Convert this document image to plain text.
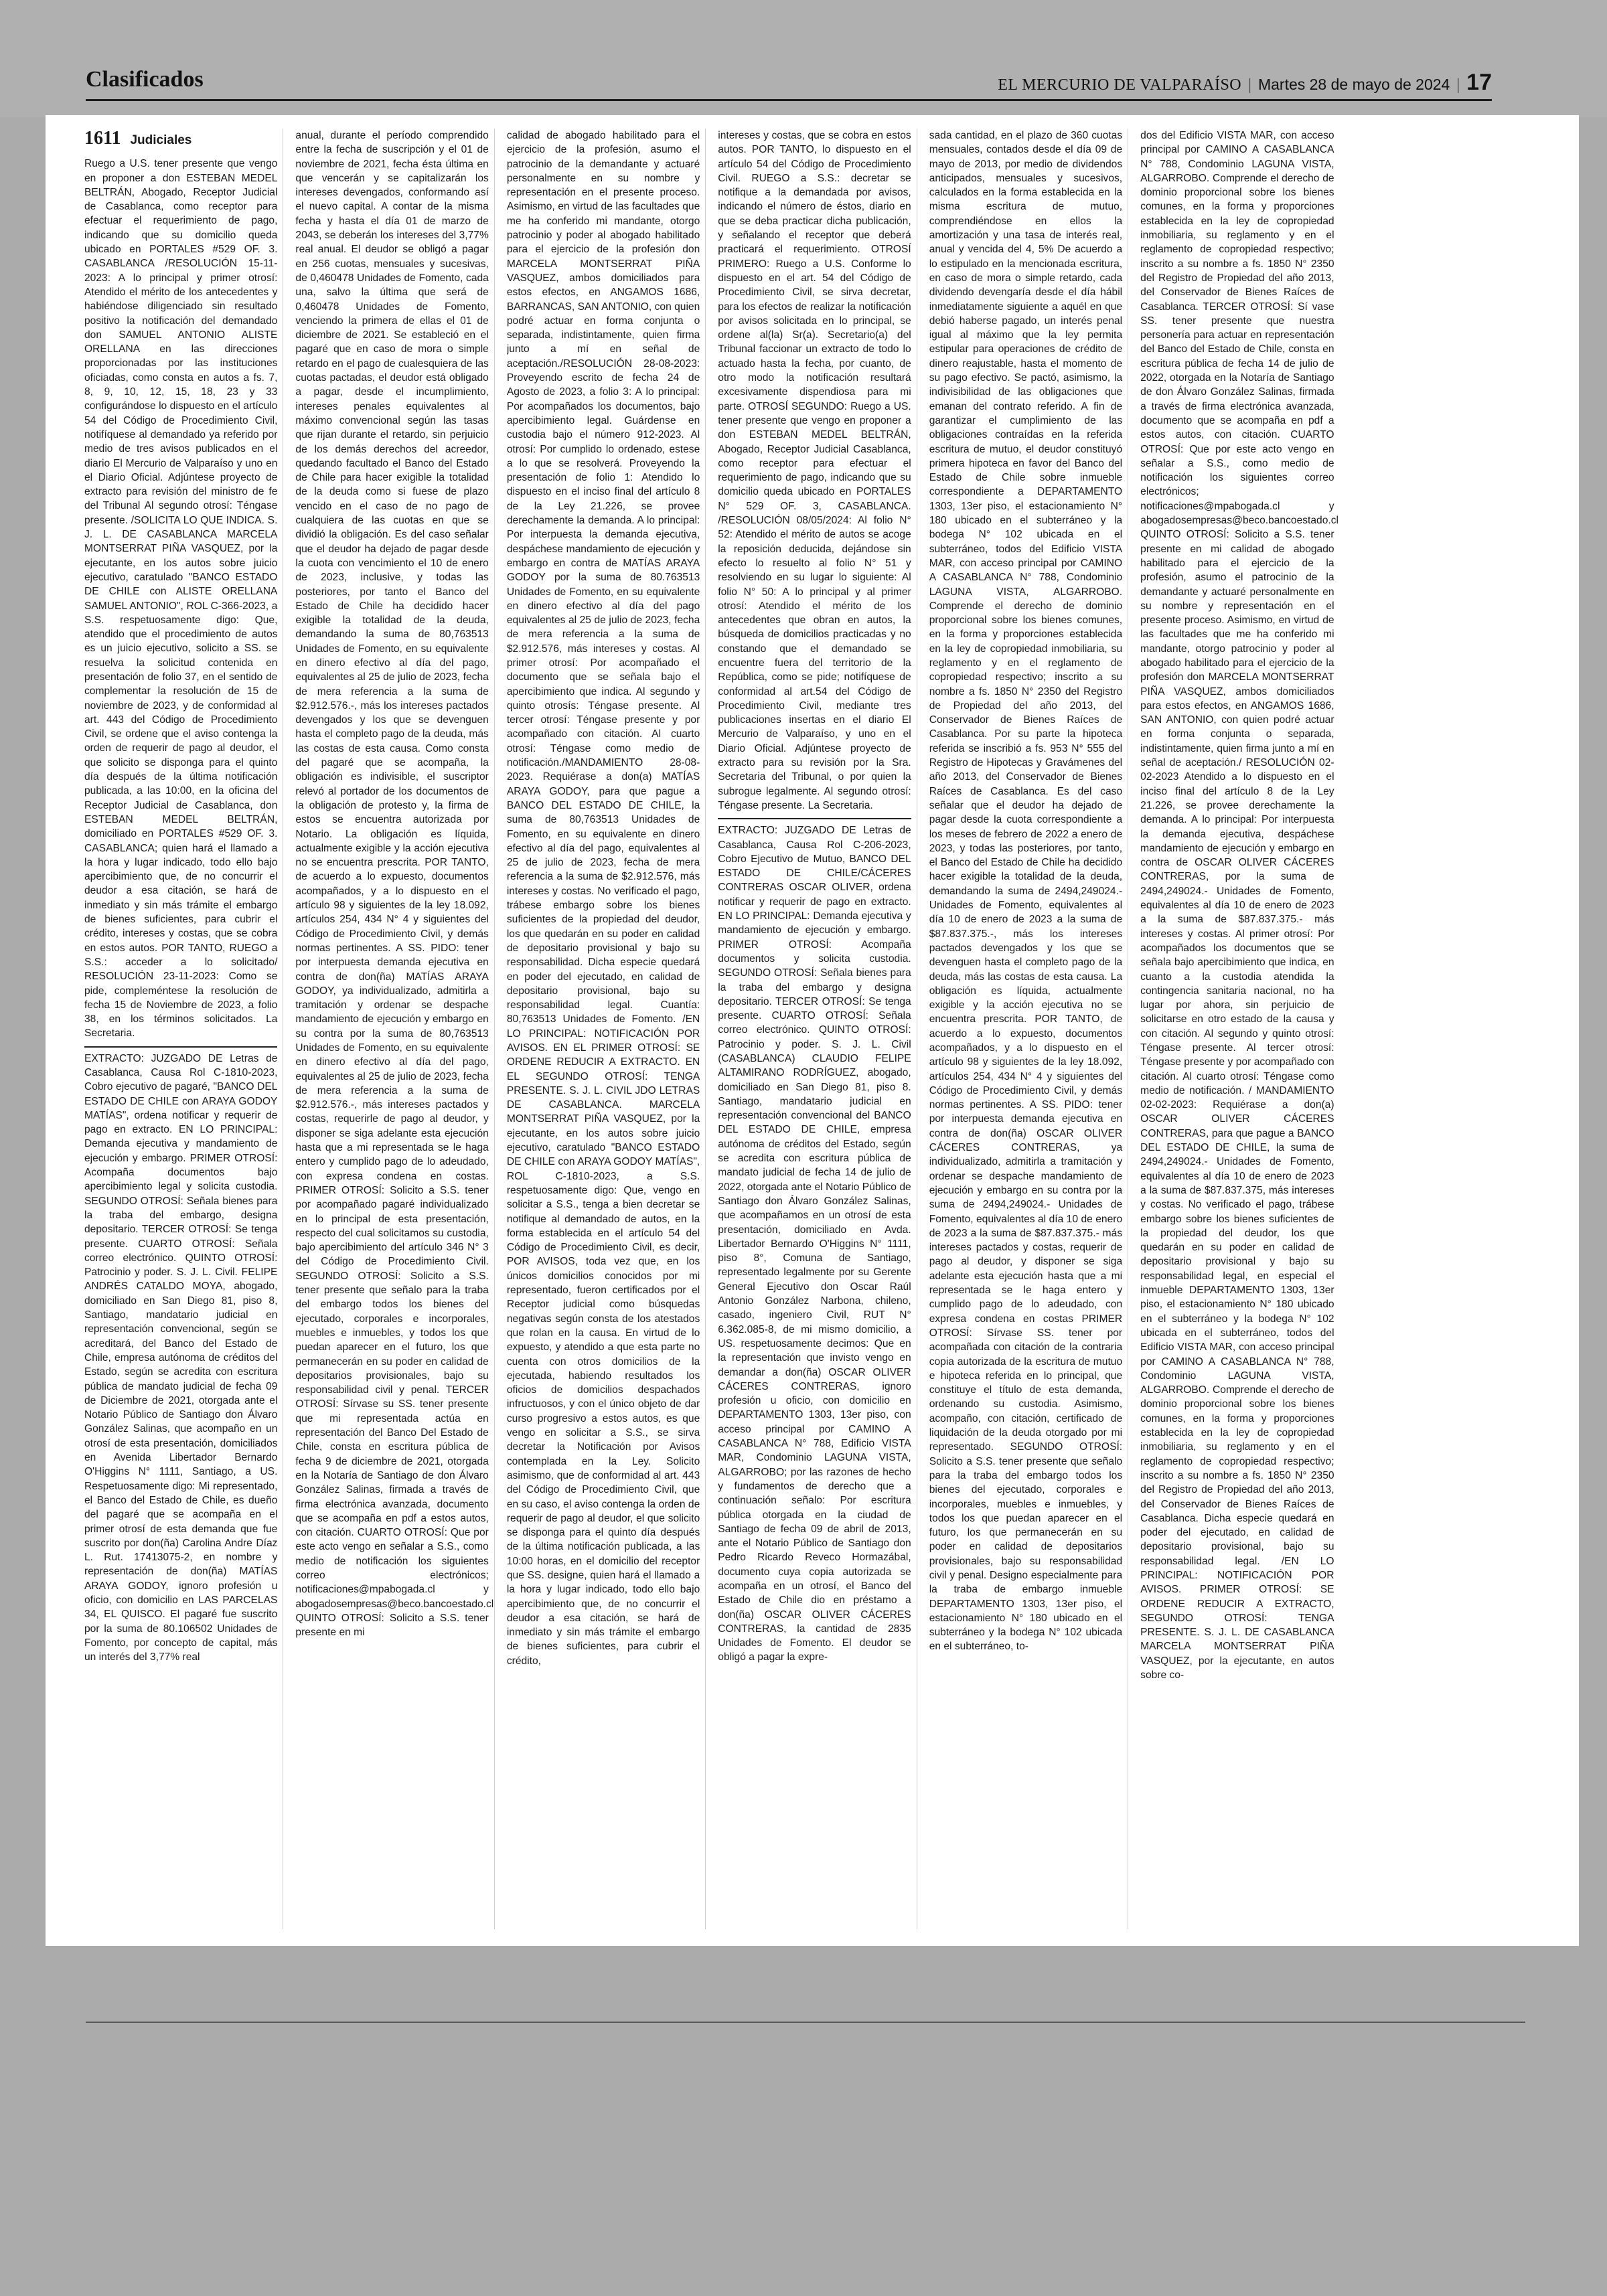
Clasificados	EL MERCURIO DE VALPARAÍSO | Martes 28 de mayo de 2024 | 17
1611 Judiciales

Ruego a U.S. tener presente que vengo en proponer a don ESTEBAN MEDEL BELTRÁN, Abogado, Receptor Judicial de Casablanca, como receptor para efectuar el requerimiento de pago, indicando que su domicilio queda ubicado en PORTALES #529 OF. 3. CASABLANCA /RESOLUCIÓN 15-11-2023: A lo principal y primer otrosí: Atendido el mérito de los antecedentes y habiéndose diligenciado sin resultado positivo la notificación del demandado don SAMUEL ANTONIO ALISTE ORELLANA en las direcciones proporcionadas por las instituciones oficiadas, como consta en autos a fs. 7, 8, 9, 10, 12, 15, 18, 23 y 33 configurándose lo dispuesto en el artículo 54 del Código de Procedimiento Civil, notifíquese al demandado ya referido por medio de tres avisos publicados en el diario El Mercurio de Valparaíso y uno en el Diario Oficial. Adjúntese proyecto de extracto para revisión del ministro de fe del Tribunal Al segundo otrosí: Téngase presente. /SOLICITA LO QUE INDICA. S. J. L. DE CASABLANCA MARCELA MONTSERRAT PIÑA VASQUEZ, por la ejecutante, en los autos sobre juicio ejecutivo, caratulado "BANCO ESTADO DE CHILE con ALISTE ORELLANA SAMUEL ANTONIO", ROL C-366-2023, a S.S. respetuosamente digo: Que, atendido que el procedimiento de autos es un juicio ejecutivo, solicito a SS. se resuelva la solicitud contenida en presentación de folio 37, en el sentido de complementar la resolución de 15 de noviembre de 2023, y de conformidad al art. 443 del Código de Procedimiento Civil, se ordene que el aviso contenga la orden de requerir de pago al deudor, el que solicito se disponga para el quinto día después de la última notificación publicada, a las 10:00, en la oficina del Receptor Judicial de Casablanca, don ESTEBAN MEDEL BELTRÁN, domiciliado en PORTALES #529 OF. 3. CASABLANCA; quien hará el llamado a la hora y lugar indicado, todo ello bajo apercibimiento que, de no concurrir el deudor a esa citación, se hará de inmediato y sin más trámite el embargo de bienes suficientes, para cubrir el crédito, intereses y costas, que se cobra en estos autos. POR TANTO, RUEGO a S.S.: acceder a lo solicitado/ RESOLUCIÓN 23-11-2023: Como se pide, compleméntese la resolución de fecha 15 de Noviembre de 2023, a folio 38, en los términos solicitados. La Secretaria.

EXTRACTO: JUZGADO DE Letras de Casablanca, Causa Rol C-1810-2023, Cobro ejecutivo de pagaré, "BANCO DEL ESTADO DE CHILE con ARAYA GODOY MATÍAS", ordena notificar y requerir de pago en extracto. EN LO PRINCIPAL: Demanda ejecutiva y mandamiento de ejecución y embargo. PRIMER OTROSÍ: Acompaña documentos bajo apercibimiento legal y solicita custodia. SEGUNDO OTROSÍ: Señala bienes para la traba del embargo, designa depositario. TERCER OTROSÍ: Se tenga presente. CUARTO OTROSÍ: Señala correo electrónico. QUINTO OTROSÍ: Patrocinio y poder. S. J. L. Civil. FELIPE ANDRÉS CATALDO MOYA, abogado, domiciliado en San Diego 81, piso 8, Santiago, mandatario judicial en representación convencional, según se acreditará, del Banco del Estado de Chile, empresa autónoma de créditos del Estado, según se acredita con escritura pública de mandato judicial de fecha 09 de Diciembre de 2021, otorgada ante el Notario Público de Santiago don Álvaro González Salinas, que acompaño en un otrosí de esta presentación, domiciliados en Avenida Libertador Bernardo O'Higgins N° 1111, Santiago, a US. Respetuosamente digo: Mi representado, el Banco del Estado de Chile, es dueño del pagaré que se acompaña en el primer otrosí de esta demanda que fue suscrito por don(ña) Carolina Andre Díaz L. Rut. 17413075-2, en nombre y representación de don(ña) MATÍAS ARAYA GODOY, ignoro profesión u oficio, con domicilio en LAS PARCELAS 34, EL QUISCO. El pagaré fue suscrito por la suma de 80.106502 Unidades de Fomento, por concepto de capital, más un interés del 3,77% real

anual, durante el período comprendido entre la fecha de suscripción y el 01 de noviembre de 2021, fecha ésta última en que vencerán y se capitalizarán los intereses devengados, conformando así el nuevo capital. A contar de la misma fecha y hasta el día 01 de marzo de 2043, se deberán los intereses del 3,77% real anual. El deudor se obligó a pagar en 256 cuotas, mensuales y sucesivas, de 0,460478 Unidades de Fomento, cada una, salvo la última que será de 0,460478 Unidades de Fomento, venciendo la primera de ellas el 01 de diciembre de 2021. Se estableció en el pagaré que en caso de mora o simple retardo en el pago de cualesquiera de las cuotas pactadas, el deudor está obligado a pagar, desde el incumplimiento, intereses penales equivalentes al máximo convencional según las tasas que rijan durante el retardo, sin perjuicio de los demás derechos del acreedor, quedando facultado el Banco del Estado de Chile para hacer exigible la totalidad de la deuda como si fuese de plazo vencido en el caso de no pago de cualquiera de las cuotas en que se dividió la obligación. Es del caso señalar que el deudor ha dejado de pagar desde la cuota con vencimiento el 10 de enero de 2023, inclusive, y todas las posteriores, por tanto el Banco del Estado de Chile ha decidido hacer exigible la totalidad de la deuda, demandando la suma de 80,763513 Unidades de Fomento, en su equivalente en dinero efectivo al día del pago, equivalentes al 25 de julio de 2023, fecha de mera referencia a la suma de $2.912.576.-, más los intereses pactados devengados y los que se devenguen hasta el completo pago de la deuda, más las costas de esta causa. Como consta del pagaré que se acompaña, la obligación es indivisible, el suscriptor relevó al portador de los documentos de la obligación de protesto y, la firma de estos se encuentra autorizada por Notario. La obligación es líquida, actualmente exigible y la acción ejecutiva no se encuentra prescrita. POR TANTO, de acuerdo a lo expuesto, documentos acompañados, y a lo dispuesto en el artículo 98 y siguientes de la ley 18.092, artículos 254, 434 N° 4 y siguientes del Código de Procedimiento Civil, y demás normas pertinentes. A SS. PIDO: tener por interpuesta demanda ejecutiva en contra de don(ña) MATÍAS ARAYA GODOY, ya individualizado, admitirla a tramitación y ordenar se despache mandamiento de ejecución y embargo en su contra por la suma de 80,763513 Unidades de Fomento, en su equivalente en dinero efectivo al día del pago, equivalentes al 25 de julio de 2023, fecha de mera referencia a la suma de $2.912.576.-, más intereses pactados y costas, requerirle de pago al deudor, y disponer se siga adelante esta ejecución hasta que a mi representada se le haga entero y cumplido pago de lo adeudado, con expresa condena en costas. PRIMER OTROSÍ: Solicito a S.S. tener por acompañado pagaré individualizado en lo principal de esta presentación, respecto del cual solicitamos su custodia, bajo apercibimiento del artículo 346 N° 3 del Código de Procedimiento Civil. SEGUNDO OTROSÍ: Solicito a S.S. tener presente que señalo para la traba del embargo todos los bienes del ejecutado, corporales e incorporales, muebles e inmuebles, y todos los que puedan aparecer en el futuro, los que permanecerán en su poder en calidad de depositarios provisionales, bajo su responsabilidad civil y penal. TERCER OTROSÍ: Sírvase su SS. tener presente que mi representada actúa en representación del Banco Del Estado de Chile, consta en escritura pública de fecha 9 de diciembre de 2021, otorgada en la Notaría de Santiago de don Álvaro González Salinas, firmada a través de firma electrónica avanzada, documento que se acompaña en pdf a estos autos, con citación. CUARTO OTROSÍ: Que por este acto vengo en señalar a S.S., como medio de notificación los siguientes correo electrónicos; notificaciones@mpabogada.cl y abogadosempresas@beco.bancoestado.cl QUINTO OTROSÍ: Solicito a S.S. tener presente en mi

calidad de abogado habilitado para el ejercicio de la profesión, asumo el patrocinio de la demandante y actuaré personalmente en su nombre y representación en el presente proceso. Asimismo, en virtud de las facultades que me ha conferido mi mandante, otorgo patrocinio y poder al abogado habilitado para el ejercicio de la profesión don MARCELA MONTSERRAT PIÑA VASQUEZ, ambos domiciliados para estos efectos, en ANGAMOS 1686, BARRANCAS, SAN ANTONIO, con quien podré actuar en forma conjunta o separada, indistintamente, quien firma junto a mí en señal de aceptación./RESOLUCIÓN 28-08-2023: Proveyendo escrito de fecha 24 de Agosto de 2023, a folio 3: A lo principal: Por acompañados los documentos, bajo apercibimiento legal. Guárdense en custodia bajo el número 912-2023. Al otrosí: Por cumplido lo ordenado, estese a lo que se resolverá. Proveyendo la presentación de folio 1: Atendido lo dispuesto en el inciso final del artículo 8 de la Ley 21.226, se provee derechamente la demanda. A lo principal: Por interpuesta la demanda ejecutiva, despáchese mandamiento de ejecución y embargo en contra de MATÍAS ARAYA GODOY por la suma de 80.763513 Unidades de Fomento, en su equivalente en dinero efectivo al día del pago equivalentes al 25 de julio de 2023, fecha de mera referencia a la suma de $2.912.576, más intereses y costas. Al primer otrosí: Por acompañado el documento que se señala bajo el apercibimiento que indica. Al segundo y quinto otrosís: Téngase presente. Al tercer otrosí: Téngase presente y por acompañado con citación. Al cuarto otrosí: Téngase como medio de notificación./MANDAMIENTO 28-08-2023. Requiérase a don(a) MATÍAS ARAYA GODOY, para que pague a BANCO DEL ESTADO DE CHILE, la suma de 80,763513 Unidades de Fomento, en su equivalente en dinero efectivo al día del pago, equivalentes al 25 de julio de 2023, fecha de mera referencia a la suma de $2.912.576, más intereses y costas. No verificado el pago, trábese embargo sobre los bienes suficientes de la propiedad del deudor, los que quedarán en su poder en calidad de depositario provisional y bajo su responsabilidad. Dicha especie quedará en poder del ejecutado, en calidad de depositario provisional, bajo su responsabilidad legal. Cuantía: 80,763513 Unidades de Fomento. /EN LO PRINCIPAL: NOTIFICACIÓN POR AVISOS. EN EL PRIMER OTROSÍ: SE ORDENE REDUCIR A EXTRACTO. EN EL SEGUNDO OTROSÍ: TENGA PRESENTE. S. J. L. CIVIL JDO LETRAS DE CASABLANCA. MARCELA MONTSERRAT PIÑA VASQUEZ, por la ejecutante, en los autos sobre juicio ejecutivo, caratulado "BANCO ESTADO DE CHILE con ARAYA GODOY MATÍAS", ROL C-1810-2023, a S.S. respetuosamente digo: Que, vengo en solicitar a S.S., tenga a bien decretar se notifique al demandado de autos, en la forma establecida en el artículo 54 del Código de Procedimiento Civil, es decir, POR AVISOS, toda vez que, en los únicos domicilios conocidos por mi representado, fueron certificados por el Receptor judicial como búsquedas negativas según consta de los atestados que rolan en la causa. En virtud de lo expuesto, y atendido a que esta parte no cuenta con otros domicilios de la ejecutada, habiendo resultados los oficios de domicilios despachados infructuosos, y con el único objeto de dar curso progresivo a estos autos, es que vengo en solicitar a S.S., se sirva decretar la Notificación por Avisos contemplada en la Ley. Solicito asimismo, que de conformidad al art. 443 del Código de Procedimiento Civil, que en su caso, el aviso contenga la orden de requerir de pago al deudor, el que solicito se disponga para el quinto día después de la última notificación publicada, a las 10:00 horas, en el domicilio del receptor que SS. designe, quien hará el llamado a la hora y lugar indicado, todo ello bajo apercibimiento que, de no concurrir el deudor a esa citación, se hará de inmediato y sin más trámite el embargo de bienes suficientes, para cubrir el crédito,

intereses y costas, que se cobra en estos autos. POR TANTO, lo dispuesto en el artículo 54 del Código de Procedimiento Civil. RUEGO a S.S.: decretar se notifique a la demandada por avisos, indicando el número de éstos, diario en que se deba practicar dicha publicación, y señalando el receptor que deberá practicará el requerimiento. OTROSÍ PRIMERO: Ruego a U.S. Conforme lo dispuesto en el art. 54 del Código de Procedimiento Civil, se sirva decretar, para los efectos de realizar la notificación por avisos solicitada en lo principal, se ordene al(la) Sr(a). Secretario(a) del Tribunal faccionar un extracto de todo lo actuado hasta la fecha, por cuanto, de otro modo la notificación resultará excesivamente dispendiosa para mi parte. OTROSÍ SEGUNDO: Ruego a US. tener presente que vengo en proponer a don ESTEBAN MEDEL BELTRÁN, Abogado, Receptor Judicial Casablanca, como receptor para efectuar el requerimiento de pago, indicando que su domicilio queda ubicado en PORTALES N° 529 OF. 3, CASABLANCA. /RESOLUCIÓN 08/05/2024: Al folio N° 52: Atendido el mérito de autos se acoge la reposición deducida, dejándose sin efecto lo resuelto al folio N° 51 y resolviendo en su lugar lo siguiente: Al folio N° 50: A lo principal y al primer otrosí: Atendido el mérito de los antecedentes que obran en autos, la búsqueda de domicilios practicadas y no constando que el demandado se encuentre fuera del territorio de la República, como se pide; notifíquese de conformidad al art.54 del Código de Procedimiento Civil, mediante tres publicaciones insertas en el diario El Mercurio de Valparaíso, y uno en el Diario Oficial. Adjúntese proyecto de extracto para su revisión por la Sra. Secretaria del Tribunal, o por quien la subrogue legalmente. Al segundo otrosí: Téngase presente. La Secretaria.

EXTRACTO: JUZGADO DE Letras de Casablanca, Causa Rol C-206-2023, Cobro Ejecutivo de Mutuo, BANCO DEL ESTADO DE CHILE/CÁCERES CONTRERAS OSCAR OLIVER, ordena notificar y requerir de pago en extracto. EN LO PRINCIPAL: Demanda ejecutiva y mandamiento de ejecución y embargo. PRIMER OTROSÍ: Acompaña documentos y solicita custodia. SEGUNDO OTROSÍ: Señala bienes para la traba del embargo y designa depositario. TERCER OTROSÍ: Se tenga presente. CUARTO OTROSÍ: Señala correo electrónico. QUINTO OTROSÍ: Patrocinio y poder. S. J. L. Civil (CASABLANCA) CLAUDIO FELIPE ALTAMIRANO RODRÍGUEZ, abogado, domiciliado en San Diego 81, piso 8. Santiago, mandatario judicial en representación convencional del BANCO DEL ESTADO DE CHILE, empresa autónoma de créditos del Estado, según se acredita con escritura pública de mandato judicial de fecha 14 de julio de 2022, otorgada ante el Notario Público de Santiago don Álvaro González Salinas, que acompañamos en un otrosí de esta presentación, domiciliado en Avda. Libertador Bernardo O'Higgins N° 1111, piso 8°, Comuna de Santiago, representado legalmente por su Gerente General Ejecutivo don Oscar Raúl Antonio González Narbona, chileno, casado, ingeniero Civil, RUT N° 6.362.085-8, de mi mismo domicilio, a US. respetuosamente decimos: Que en la representación que invisto vengo en demandar a don(ña) OSCAR OLIVER CÁCERES CONTRERAS, ignoro profesión u oficio, con domicilio en DEPARTAMENTO 1303, 13er piso, con acceso principal por CAMINO A CASABLANCA N° 788, Edificio VISTA MAR, Condominio LAGUNA VISTA, ALGARROBO; por las razones de hecho y fundamentos de derecho que a continuación señalo: Por escritura pública otorgada en la ciudad de Santiago de fecha 09 de abril de 2013, ante el Notario Público de Santiago don Pedro Ricardo Reveco Hormazábal, documento cuya copia autorizada se acompaña en un otrosí, el Banco del Estado de Chile dio en préstamo a don(ña) OSCAR OLIVER CÁCERES CONTRERAS, la cantidad de 2835 Unidades de Fomento. El deudor se obligó a pagar la expre-

sada cantidad, en el plazo de 360 cuotas mensuales, contados desde el día 09 de mayo de 2013, por medio de dividendos anticipados, mensuales y sucesivos, calculados en la forma establecida en la misma escritura de mutuo, comprendiéndose en ellos la amortización y una tasa de interés real, anual y vencida del 4, 5% De acuerdo a lo estipulado en la mencionada escritura, en caso de mora o simple retardo, cada dividendo devengaría desde el día hábil inmediatamente siguiente a aquél en que debió haberse pagado, un interés penal igual al máximo que la ley permita estipular para operaciones de crédito de dinero reajustable, hasta el momento de su pago efectivo. Se pactó, asimismo, la indivisibilidad de las obligaciones que emanan del contrato referido. A fin de garantizar el cumplimiento de las obligaciones contraídas en la referida escritura de mutuo, el deudor constituyó primera hipoteca en favor del Banco del Estado de Chile sobre inmueble correspondiente a DEPARTAMENTO 1303, 13er piso, el estacionamiento N° 180 ubicado en el subterráneo y la bodega N° 102 ubicada en el subterráneo, todos del Edificio VISTA MAR, con acceso principal por CAMINO A CASABLANCA N° 788, Condominio LAGUNA VISTA, ALGARROBO. Comprende el derecho de dominio proporcional sobre los bienes comunes, en la forma y proporciones establecida en la ley de copropiedad inmobiliaria, su reglamento y en el reglamento de copropiedad respectivo; inscrito a su nombre a fs. 1850 N° 2350 del Registro de Propiedad del año 2013, del Conservador de Bienes Raíces de Casablanca. Por su parte la hipoteca referida se inscribió a fs. 953 N° 555 del Registro de Hipotecas y Gravámenes del año 2013, del Conservador de Bienes Raíces de Casablanca. Es del caso señalar que el deudor ha dejado de pagar desde la cuota correspondiente a los meses de febrero de 2022 a enero de 2023, y todas las posteriores, por tanto, el Banco del Estado de Chile ha decidido hacer exigible la totalidad de la deuda, demandando la suma de 2494,249024.- Unidades de Fomento, equivalentes al día 10 de enero de 2023 a la suma de $87.837.375.-, más los intereses pactados devengados y los que se devenguen hasta el completo pago de la deuda, más las costas de esta causa. La obligación es líquida, actualmente exigible y la acción ejecutiva no se encuentra prescrita. POR TANTO, de acuerdo a lo expuesto, documentos acompañados, y a lo dispuesto en el artículo 98 y siguientes de la ley 18.092, artículos 254, 434 N° 4 y siguientes del Código de Procedimiento Civil, y demás normas pertinentes. A SS. PIDO: tener por interpuesta demanda ejecutiva en contra de don(ña) OSCAR OLIVER CÁCERES CONTRERAS, ya individualizado, admitirla a tramitación y ordenar se despache mandamiento de ejecución y embargo en su contra por la suma de 2494,249024.- Unidades de Fomento, equivalentes al día 10 de enero de 2023 a la suma de $87.837.375.- más intereses pactados y costas, requerir de pago al deudor, y disponer se siga adelante esta ejecución hasta que a mi representada se le haga entero y cumplido pago de lo adeudado, con expresa condena en costas PRIMER OTROSÍ: Sírvase SS. tener por acompañada con citación de la contraria copia autorizada de la escritura de mutuo e hipoteca referida en lo principal, que constituye el título de esta demanda, ordenando su custodia. Asimismo, acompaño, con citación, certificado de liquidación de la deuda otorgado por mi representado. SEGUNDO OTROSÍ: Solicito a S.S. tener presente que señalo para la traba del embargo todos los bienes del ejecutado, corporales e incorporales, muebles e inmuebles, y todos los que puedan aparecer en el futuro, los que permanecerán en su poder en calidad de depositarios provisionales, bajo su responsabilidad civil y penal. Designo especialmente para la traba de embargo inmueble DEPARTAMENTO 1303, 13er piso, el estacionamiento N° 180 ubicado en el subterráneo y la bodega N° 102 ubicada en el subterráneo, to-

dos del Edificio VISTA MAR, con acceso principal por CAMINO A CASABLANCA N° 788, Condominio LAGUNA VISTA, ALGARROBO. Comprende el derecho de dominio proporcional sobre los bienes comunes, en la forma y proporciones establecida en la ley de copropiedad inmobiliaria, su reglamento y en el reglamento de copropiedad respectivo; inscrito a su nombre a fs. 1850 N° 2350 del Registro de Propiedad del año 2013, del Conservador de Bienes Raíces de Casablanca. TERCER OTROSÍ: Sí vase SS. tener presente que nuestra personería para actuar en representación del Banco del Estado de Chile, consta en escritura pública de fecha 14 de julio de 2022, otorgada en la Notaría de Santiago de don Álvaro González Salinas, firmada a través de firma electrónica avanzada, documento que se acompaña en pdf a estos autos, con citación. CUARTO OTROSÍ: Que por este acto vengo en señalar a S.S., como medio de notificación los siguientes correo electrónicos; notificaciones@mpabogada.cl y abogadosempresas@beco.bancoestado.cl QUINTO OTROSÍ: Solicito a S.S. tener presente en mi calidad de abogado habilitado para el ejercicio de la profesión, asumo el patrocinio de la demandante y actuaré personalmente en su nombre y representación en el presente proceso. Asimismo, en virtud de las facultades que me ha conferido mi mandante, otorgo patrocinio y poder al abogado habilitado para el ejercicio de la profesión don MARCELA MONTSERRAT PIÑA VASQUEZ, ambos domiciliados para estos efectos, en ANGAMOS 1686, SAN ANTONIO, con quien podré actuar en forma conjunta o separada, indistintamente, quien firma junto a mí en señal de aceptación./ RESOLUCIÓN 02-02-2023 Atendido a lo dispuesto en el inciso final del artículo 8 de la Ley 21.226, se provee derechamente la demanda. A lo principal: Por interpuesta la demanda ejecutiva, despáchese mandamiento de ejecución y embargo en contra de OSCAR OLIVER CÁCERES CONTRERAS, por la suma de 2494,249024.- Unidades de Fomento, equivalentes al día 10 de enero de 2023 a la suma de $87.837.375.- más intereses y costas. Al primer otrosí: Por acompañados los documentos que se señala bajo apercibimiento que indica, en cuanto a la custodia atendida la contingencia sanitaria nacional, no ha lugar por ahora, sin perjuicio de solicitarse en otro estado de la causa y con citación. Al segundo y quinto otrosí: Téngase presente. Al tercer otrosí: Téngase presente y por acompañado con citación. Al cuarto otrosí: Téngase como medio de notificación. / MANDAMIENTO 02-02-2023: Requiérase a don(a) OSCAR OLIVER CÁCERES CONTRERAS, para que pague a BANCO DEL ESTADO DE CHILE, la suma de 2494,249024.- Unidades de Fomento, equivalentes al día 10 de enero de 2023 a la suma de $87.837.375, más intereses y costas. No verificado el pago, trábese embargo sobre los bienes suficientes de la propiedad del deudor, los que quedarán en su poder en calidad de depositario provisional y bajo su responsabilidad legal, en especial el inmueble DEPARTAMENTO 1303, 13er piso, el estacionamiento N° 180 ubicado en el subterráneo y la bodega N° 102 ubicada en el subterráneo, todos del Edificio VISTA MAR, con acceso principal por CAMINO A CASABLANCA N° 788, Condominio LAGUNA VISTA, ALGARROBO. Comprende el derecho de dominio proporcional sobre los bienes comunes, en la forma y proporciones establecida en la ley de copropiedad inmobiliaria, su reglamento y en el reglamento de copropiedad respectivo; inscrito a su nombre a fs. 1850 N° 2350 del Registro de Propiedad del año 2013, del Conservador de Bienes Raíces de Casablanca. Dicha especie quedará en poder del ejecutado, en calidad de depositario provisional, bajo su responsabilidad legal. /EN LO PRINCIPAL: NOTIFICACIÓN POR AVISOS. PRIMER OTROSÍ: SE ORDENE REDUCIR A EXTRACTO, SEGUNDO OTROSÍ: TENGA PRESENTE. S. J. L. DE CASABLANCA MARCELA MONTSERRAT PIÑA VASQUEZ, por la ejecutante, en autos sobre co-
